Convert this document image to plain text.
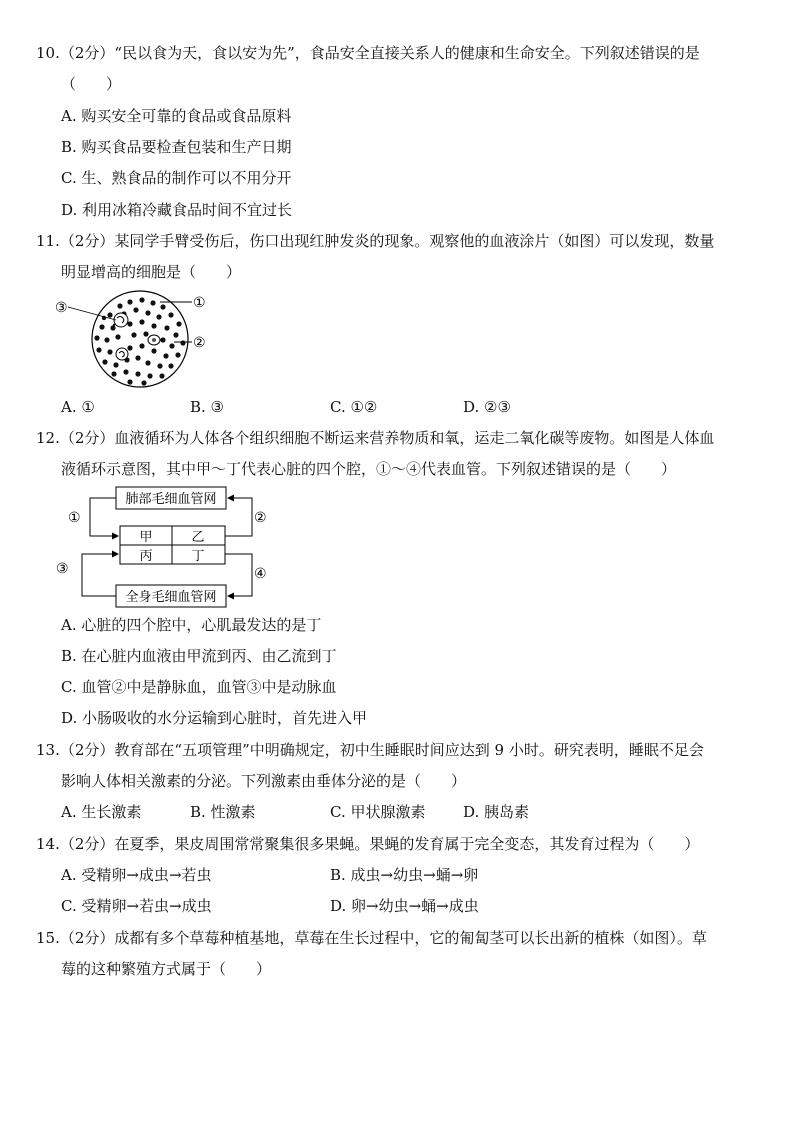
10.（2分）“民以食为天，食以安为先”，食品安全直接关系人的健康和生命安全。下列叙述错误的是
（　　）
A. 购买安全可靠的食品或食品原料
B. 购买食品要检查包装和生产日期
C. 生、熟食品的制作可以不用分开
D. 利用冰箱冷藏食品时间不宜过长
11.（2分）某同学手臂受伤后，伤口出现红肿发炎的现象。观察他的血液涂片（如图）可以发现，数量
明显增高的细胞是（　　）
③	①
②
A. ①	B. ③	C. ①②	D. ②③
12.（2分）血液循环为人体各个组织细胞不断运来营养物质和氧，运走二氧化碳等废物。如图是人体血
液循环示意图，其中甲～丁代表心脏的四个腔，①～④代表血管。下列叙述错误的是（　　）
肺部毛细血管网
全身毛细血管网
甲	乙
丙	丁
①	②
③	④
A. 心脏的四个腔中，心肌最发达的是丁
B. 在心脏内血液由甲流到丙、由乙流到丁
C. 血管②中是静脉血，血管③中是动脉血
D. 小肠吸收的水分运输到心脏时，首先进入甲
13.（2分）教育部在“五项管理”中明确规定，初中生睡眠时间应达到 9 小时。研究表明，睡眠不足会
影响人体相关激素的分泌。下列激素由垂体分泌的是（　　）
A. 生长激素	B. 性激素	C. 甲状腺激素	D. 胰岛素
14.（2分）在夏季，果皮周围常常聚集很多果蝇。果蝇的发育属于完全变态，其发育过程为（　　）
A. 受精卵→成虫→若虫	B. 成虫→幼虫→蛹→卵
C. 受精卵→若虫→成虫	D. 卵→幼虫→蛹→成虫
15.（2分）成都有多个草莓种植基地，草莓在生长过程中，它的匍匐茎可以长出新的植株（如图）。草
莓的这种繁殖方式属于（　　）
